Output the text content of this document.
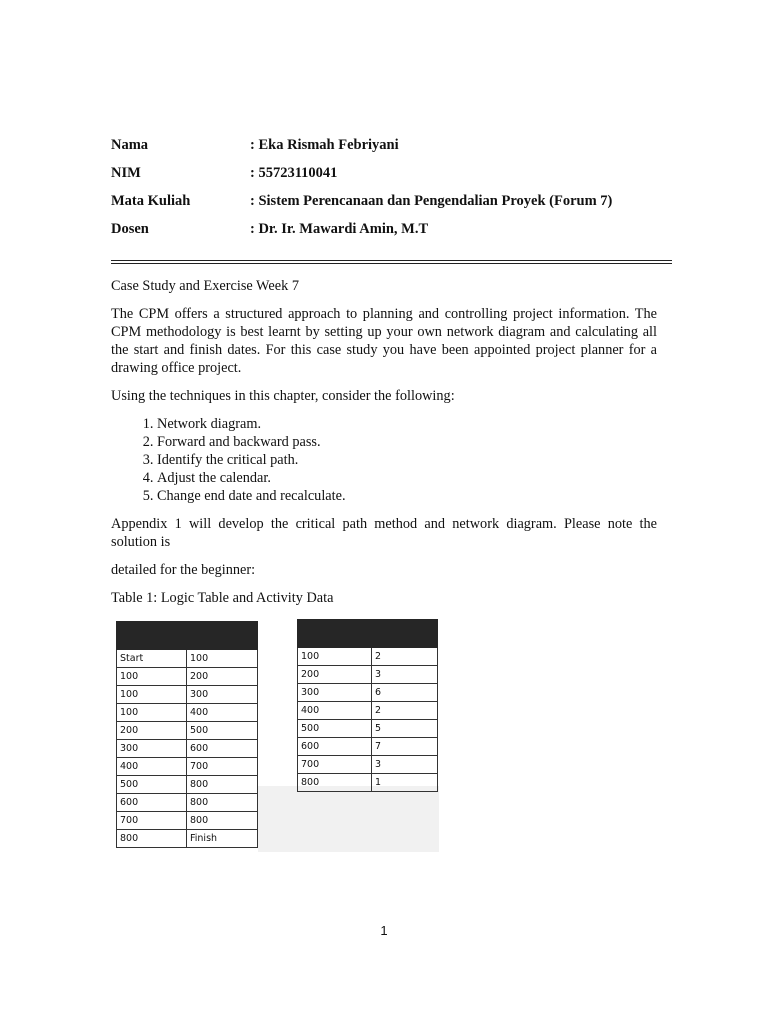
Nama	: Eka Rismah Febriyani
NIM	: 55723110041
Mata Kuliah	: Sistem Perencanaan dan Pengendalian Proyek (Forum 7)
Dosen	: Dr. Ir. Mawardi Amin, M.T

Case Study and Exercise Week 7

The CPM offers a structured approach to planning and controlling project information. The CPM methodology is best learnt by setting up your own network diagram and calculating all the start and finish dates. For this case study you have been appointed project planner for a drawing office project.

Using the techniques in this chapter, consider the following:

1. Network diagram.
2. Forward and backward pass.
3. Identify the critical path.
4. Adjust the calendar.
5. Change end date and recalculate.

Appendix 1 will develop the critical path method and network diagram. Please note the solution is

detailed for the beginner:

Table 1: Logic Table and Activity Data

Start	100
100	200
100	300
100	400
200	500
300	600
400	700
500	800
600	800
700	800
800	Finish

100	2
200	3
300	6
400	2
500	5
600	7
700	3
800	1
1
